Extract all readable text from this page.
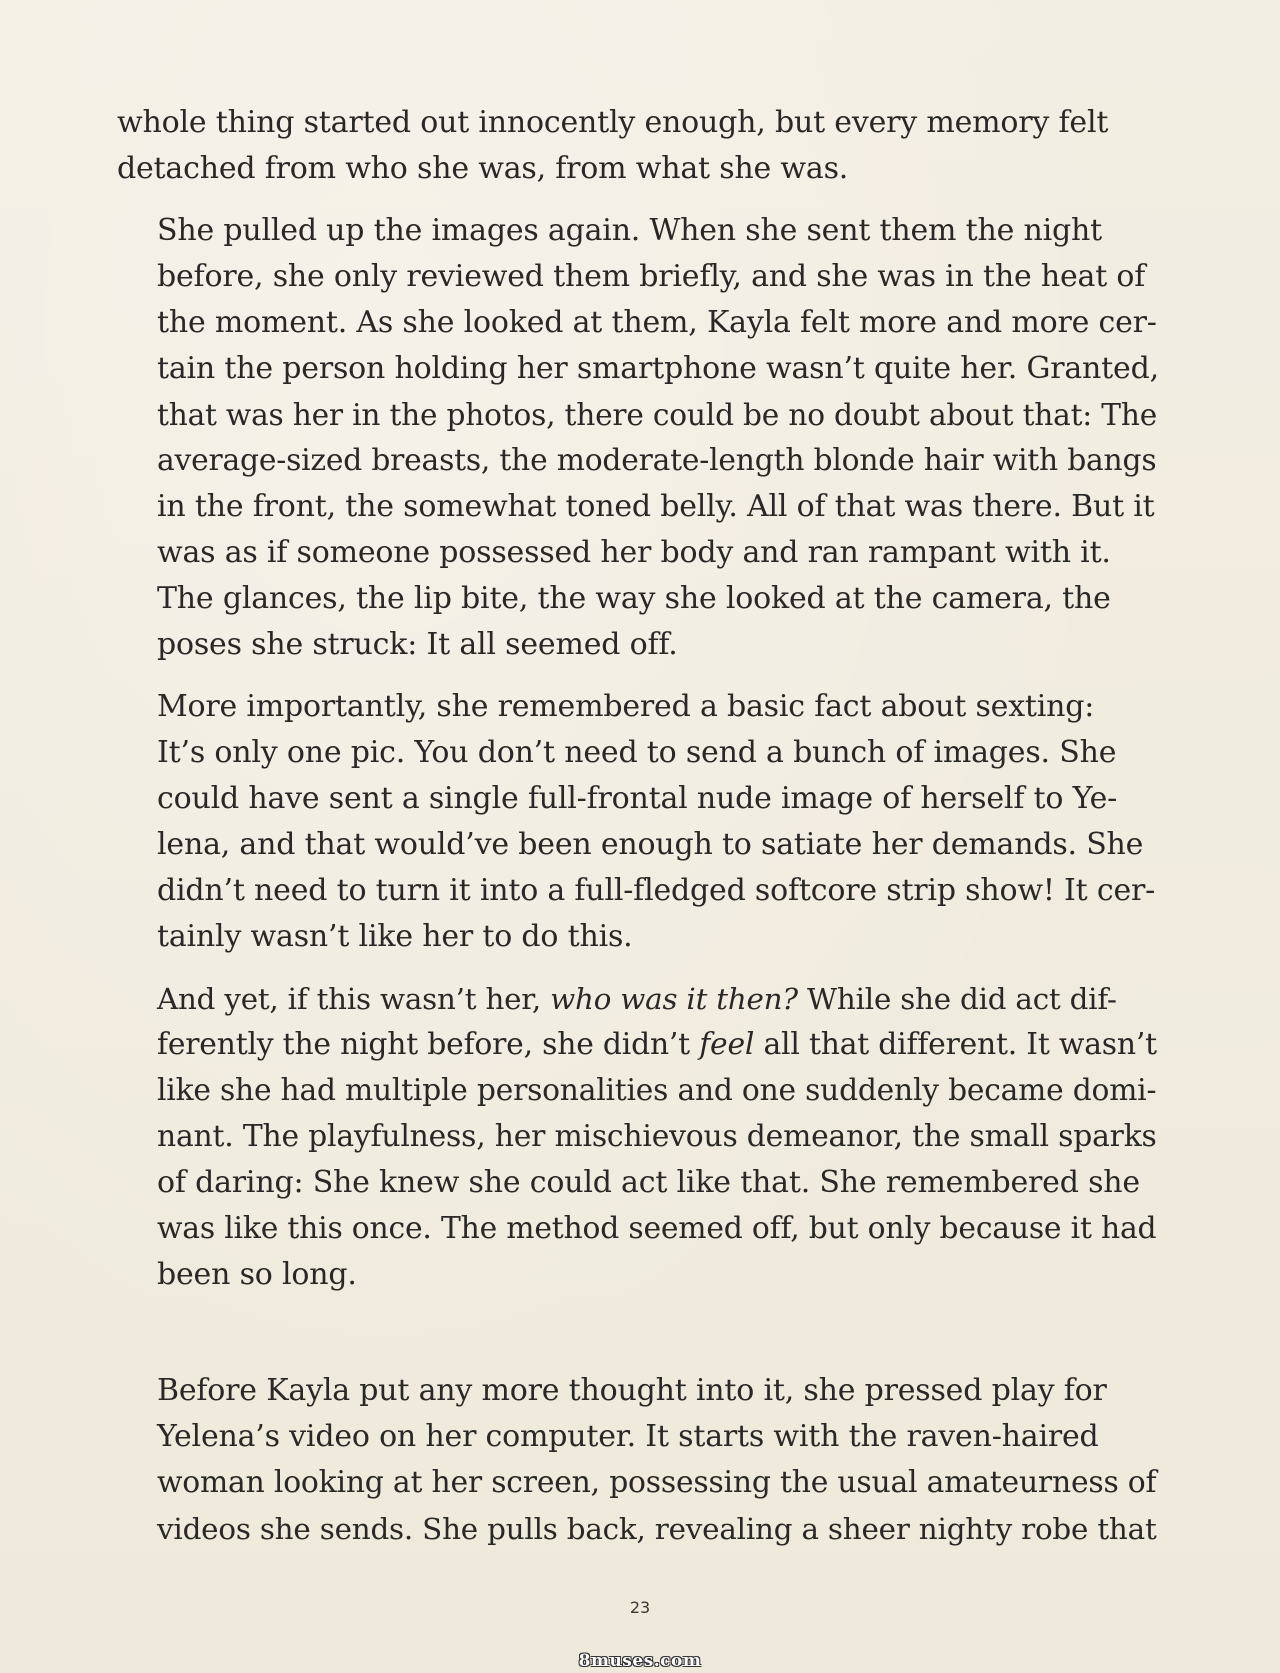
whole thing started out innocently enough, but every memory felt
detached from who she was, from what she was.

She pulled up the images again. When she sent them the night
before, she only reviewed them briefly, and she was in the heat of
the moment. As she looked at them, Kayla felt more and more cer-
tain the person holding her smartphone wasn’t quite her. Granted,
that was her in the photos, there could be no doubt about that: The
average-sized breasts, the moderate-length blonde hair with bangs
in the front, the somewhat toned belly. All of that was there. But it
was as if someone possessed her body and ran rampant with it.
The glances, the lip bite, the way she looked at the camera, the
poses she struck: It all seemed off.

More importantly, she remembered a basic fact about sexting:
It’s only one pic. You don’t need to send a bunch of images. She
could have sent a single full-frontal nude image of herself to Ye-
lena, and that would’ve been enough to satiate her demands. She
didn’t need to turn it into a full-fledged softcore strip show! It cer-
tainly wasn’t like her to do this.

And yet, if this wasn’t her, who was it then? While she did act dif-
ferently the night before, she didn’t feel all that different. It wasn’t
like she had multiple personalities and one suddenly became domi-
nant. The playfulness, her mischievous demeanor, the small sparks
of daring: She knew she could act like that. She remembered she
was like this once. The method seemed off, but only because it had
been so long.

Before Kayla put any more thought into it, she pressed play for
Yelena’s video on her computer. It starts with the raven-haired
woman looking at her screen, possessing the usual amateurness of
videos she sends. She pulls back, revealing a sheer nighty robe that

23
8muses.com
